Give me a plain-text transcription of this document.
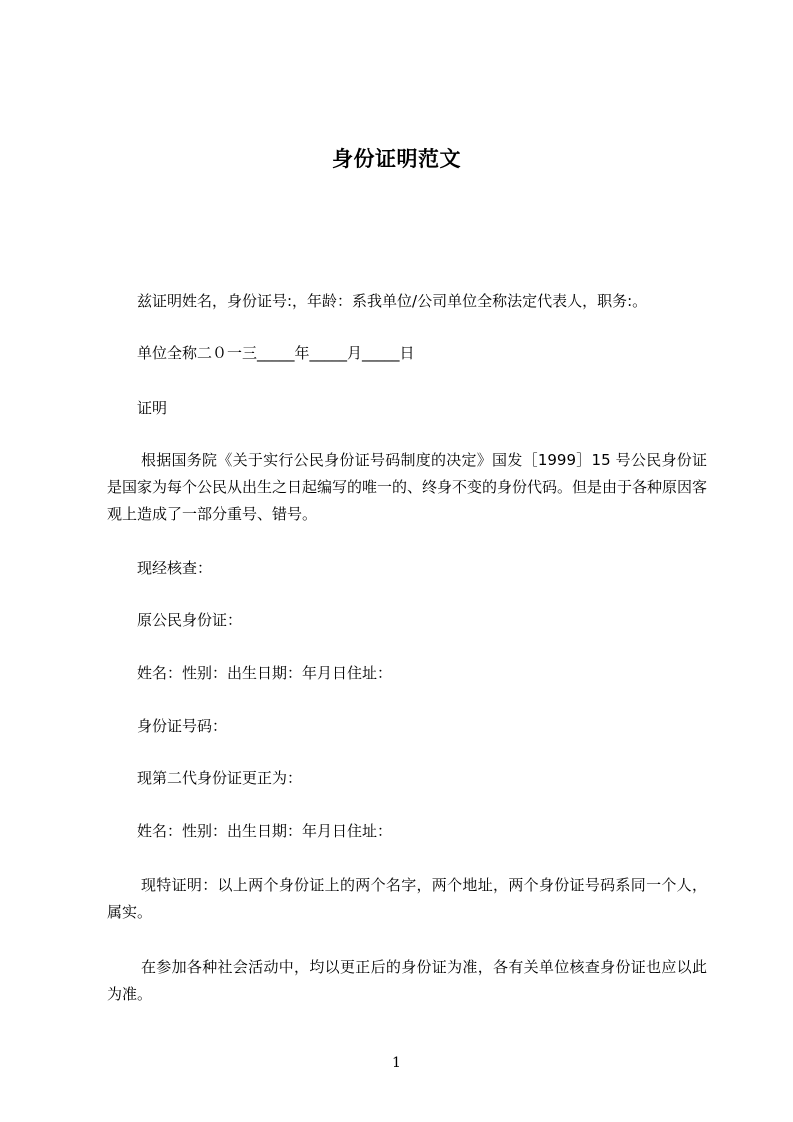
身份证明范文
兹证明姓名，身份证号:，年龄：系我单位/公司单位全称法定代表人，职务:。
单位全称二０一三_____年_____月_____日
证明
根据国务院《关于实行公民身份证号码制度的决定》国发［1999］15 号公民身份证是国家为每个公民从出生之日起编写的唯一的、终身不变的身份代码。但是由于各种原因客观上造成了一部分重号、错号。
现经核查：
原公民身份证：
姓名：性别：出生日期：年月日住址：
身份证号码：
现第二代身份证更正为：
姓名：性别：出生日期：年月日住址：
现特证明：以上两个身份证上的两个名字，两个地址，两个身份证号码系同一个人，属实。
在参加各种社会活动中，均以更正后的身份证为准，各有关单位核查身份证也应以此为准。
1
